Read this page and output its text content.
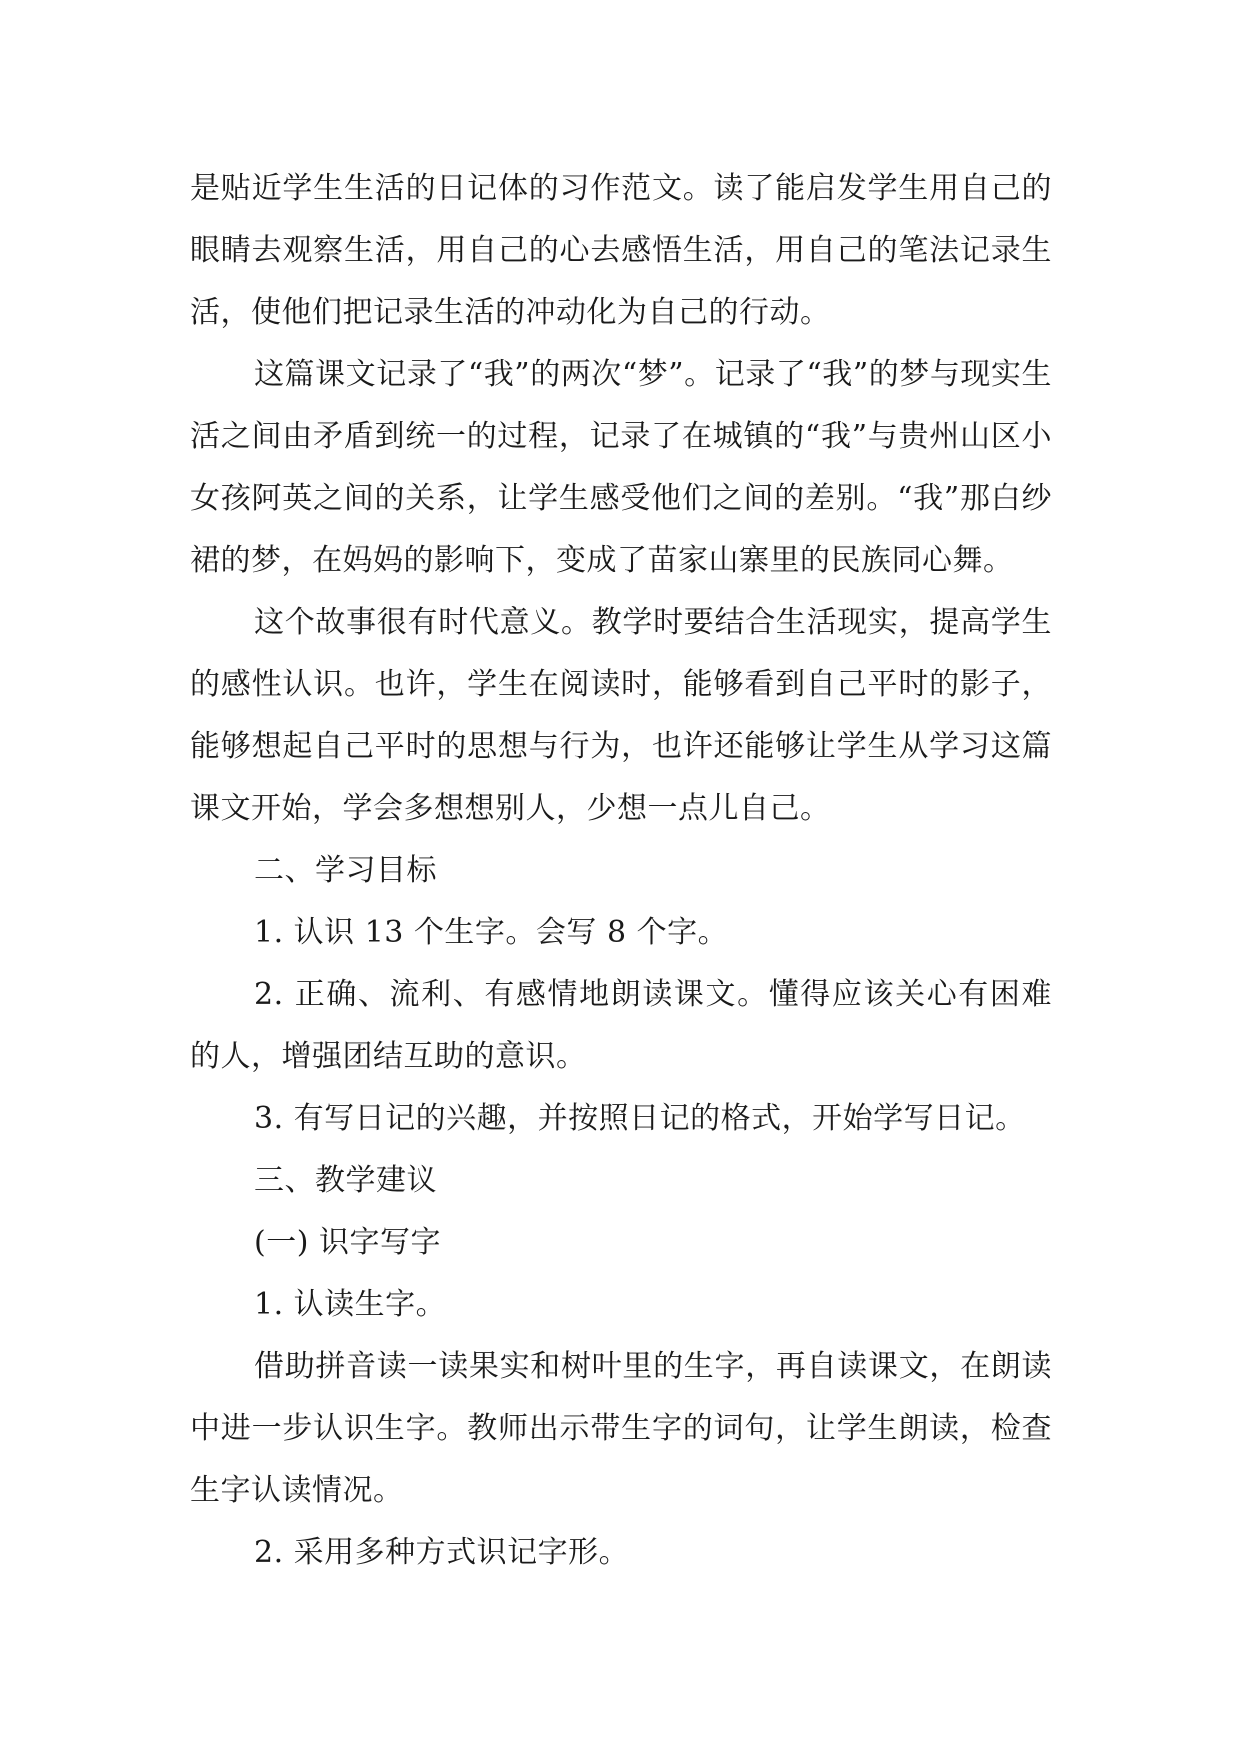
是贴近学生生活的日记体的习作范文。读了能启发学生用自己的眼睛去观察生活，用自己的心去感悟生活，用自己的笔法记录生活，使他们把记录生活的冲动化为自己的行动。

这篇课文记录了“我”的两次“梦”。记录了“我”的梦与现实生活之间由矛盾到统一的过程，记录了在城镇的“我”与贵州山区小女孩阿英之间的关系，让学生感受他们之间的差别。“我”那白纱裙的梦，在妈妈的影响下，变成了苗家山寨里的民族同心舞。

这个故事很有时代意义。教学时要结合生活现实，提高学生的感性认识。也许，学生在阅读时，能够看到自己平时的影子，能够想起自己平时的思想与行为，也许还能够让学生从学习这篇课文开始，学会多想想别人，少想一点儿自己。

二、学习目标

1. 认识 13 个生字。会写 8 个字。

2. 正确、流利、有感情地朗读课文。懂得应该关心有困难的人，增强团结互助的意识。

3. 有写日记的兴趣，并按照日记的格式，开始学写日记。

三、教学建议

(一) 识字写字

1. 认读生字。

借助拼音读一读果实和树叶里的生字，再自读课文，在朗读中进一步认识生字。教师出示带生字的词句，让学生朗读，检查生字认读情况。

2. 采用多种方式识记字形。
